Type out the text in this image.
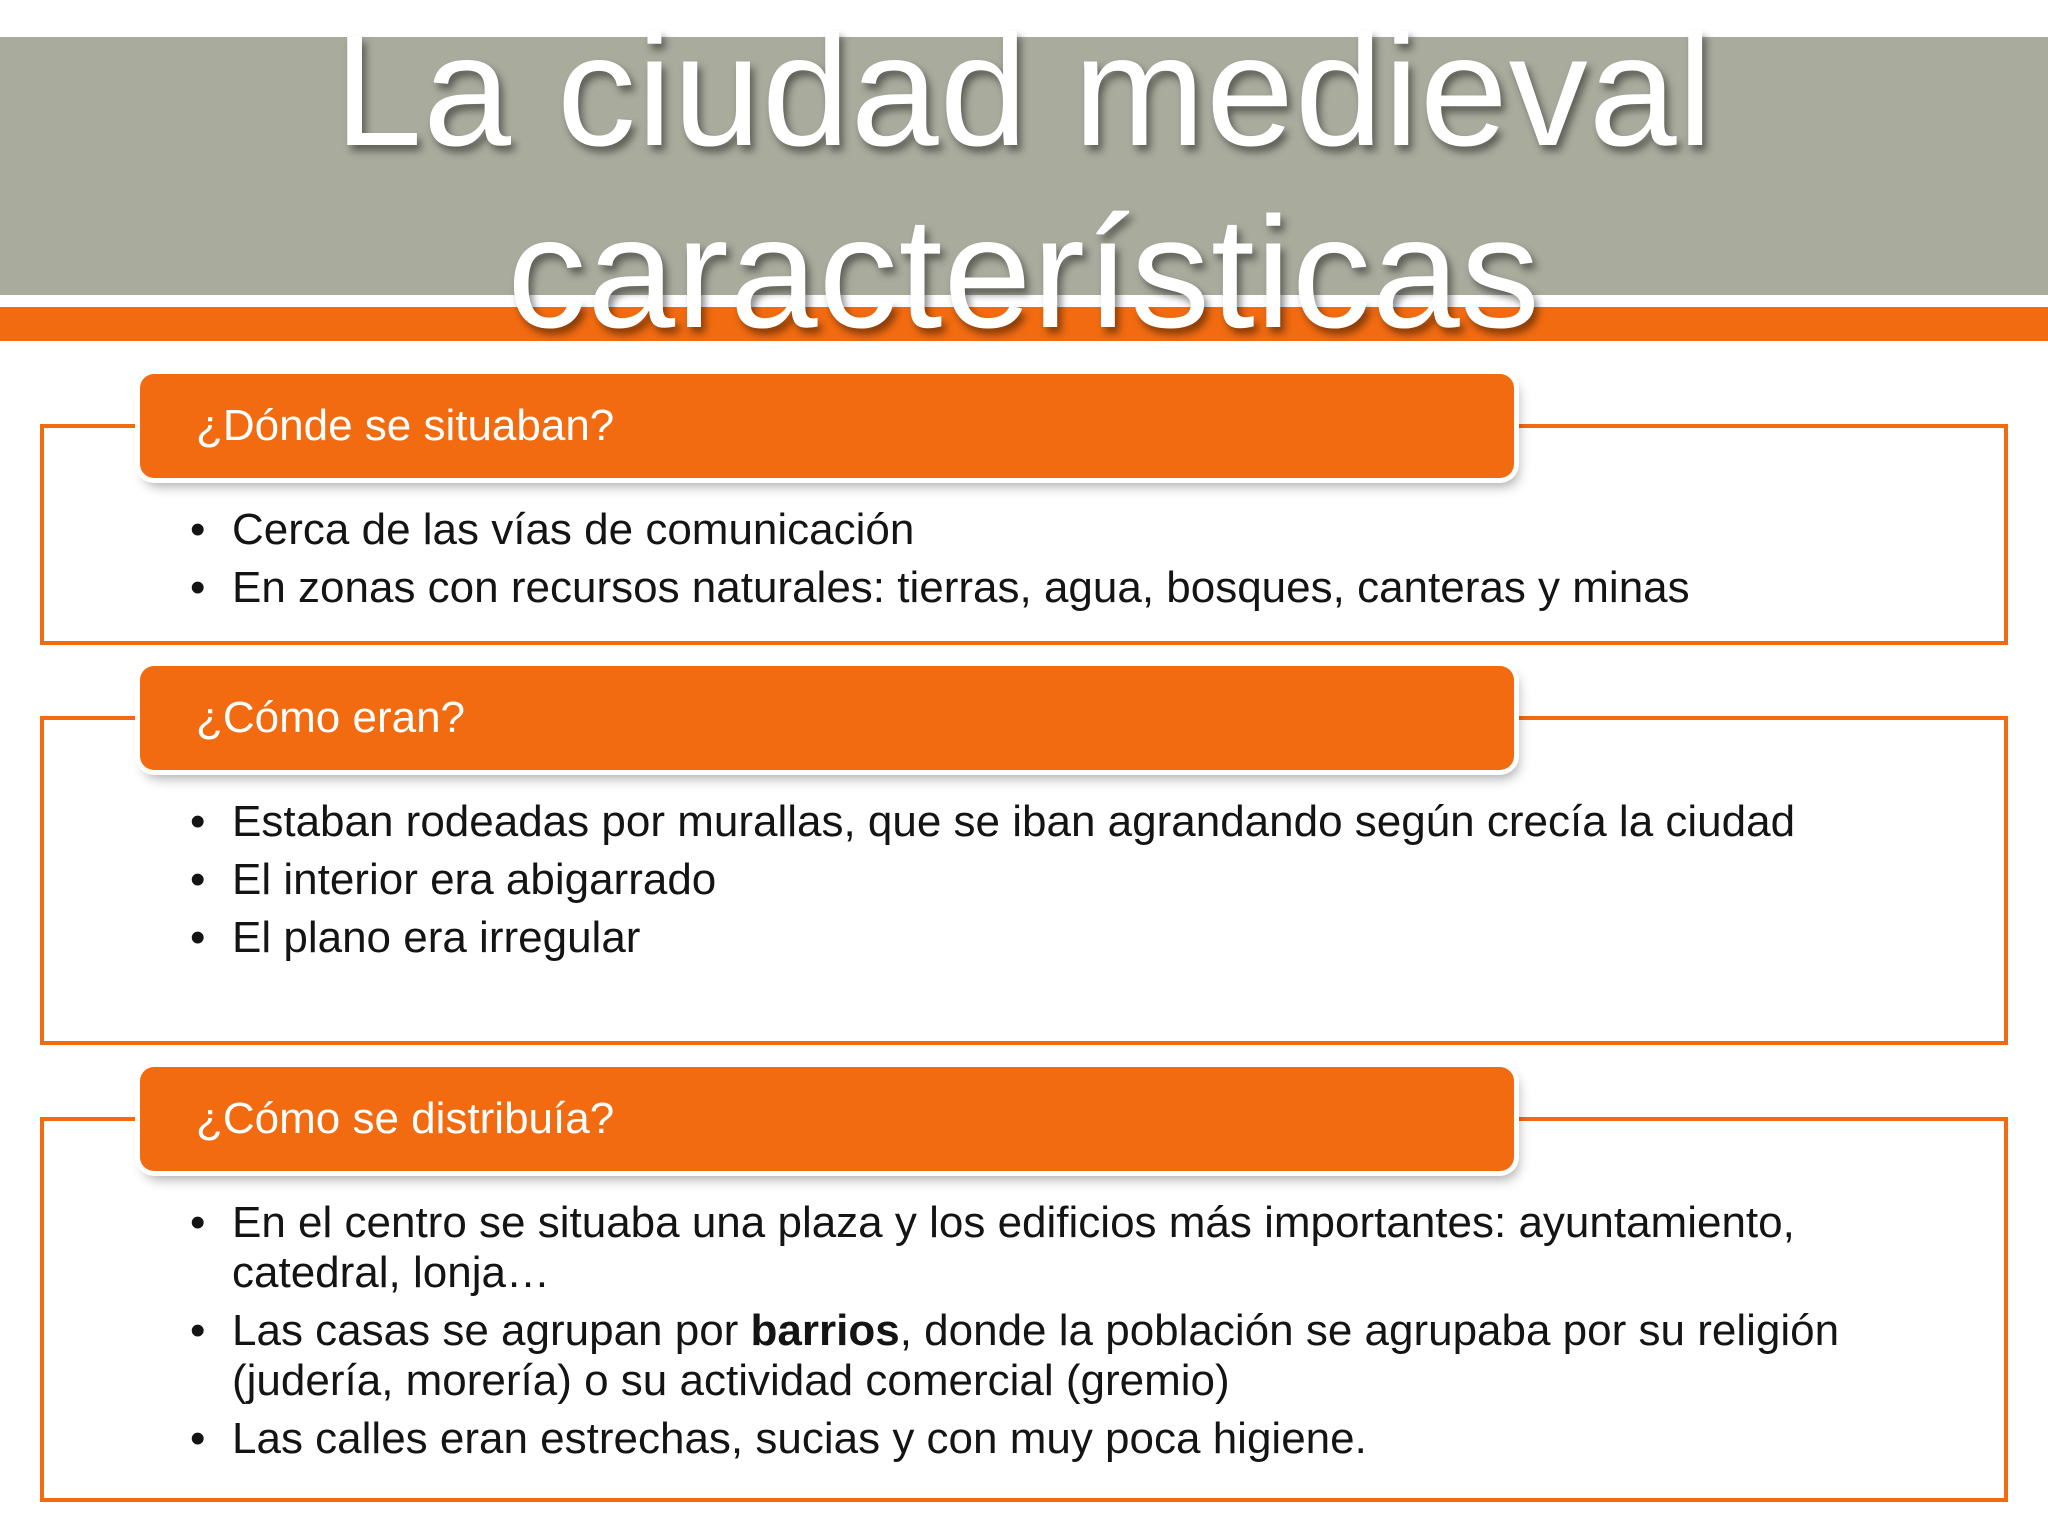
La ciudad medieval
características
¿Dónde se situaban?
• Cerca de las vías de comunicación
• En zonas con recursos naturales: tierras, agua, bosques, canteras y minas
¿Cómo eran?
• Estaban rodeadas por murallas, que se iban agrandando según crecía la ciudad
• El interior era abigarrado
• El plano era irregular
¿Cómo se distribuía?
• En el centro se situaba una plaza y los edificios más importantes: ayuntamiento, catedral, lonja…
• Las casas se agrupan por barrios, donde la población se agrupaba por su religión (judería, morería) o su actividad comercial (gremio)
• Las calles eran estrechas, sucias y con muy poca higiene.
